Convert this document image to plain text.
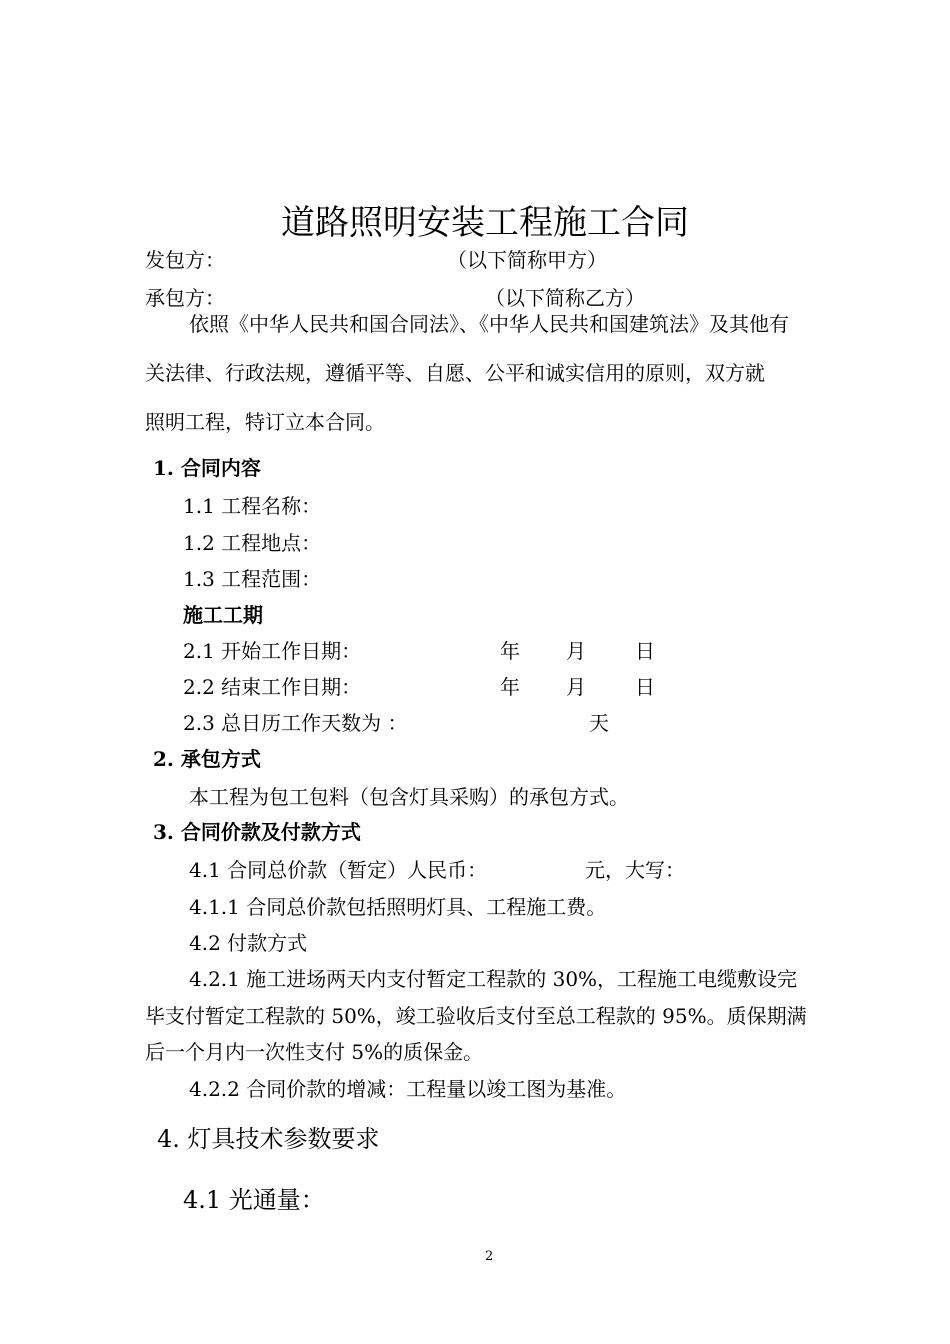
道路照明安装工程施工合同
发包方：	（以下简称甲方）
承包方：	（以下简称乙方）
依照《中华人民共和国合同法》、《中华人民共和国建筑法》及其他有
关法律、行政法规，遵循平等、自愿、公平和诚实信用的原则，双方就
照明工程，特订立本合同。
1. 合同内容
1.1 工程名称：
1.2 工程地点：
1.3 工程范围：
施工工期
2.1 开始工作日期：	年 月 日
2.2 结束工作日期：	年 月 日
2.3 总日历工作天数为 ：	天
2. 承包方式
本工程为包工包料（包含灯具采购）的承包方式。
3. 合同价款及付款方式
4.1 合同总价款（暂定）人民币：	元，大写：
4.1.1 合同总价款包括照明灯具、工程施工费。
4.2 付款方式
4.2.1 施工进场两天内支付暂定工程款的 30%，工程施工电缆敷设完
毕支付暂定工程款的 50%，竣工验收后支付至总工程款的 95%。质保期满
后一个月内一次性支付 5%的质保金。
4.2.2 合同价款的增减：工程量以竣工图为基准。
4. 灯具技术参数要求
4.1 光通量：
2
